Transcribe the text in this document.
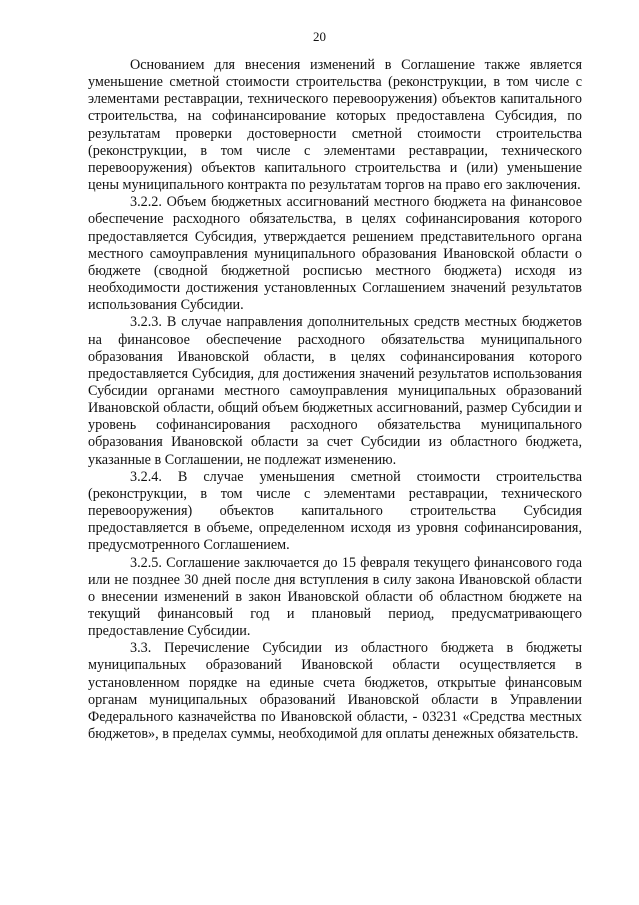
20

Основанием для внесения изменений в Соглашение также является уменьшение сметной стоимости строительства (реконструкции, в том числе с элементами реставрации, технического перевооружения) объектов капитального строительства, на софинансирование которых предоставлена Субсидия, по результатам проверки достоверности сметной стоимости строительства (реконструкции, в том числе с элементами реставрации, технического перевооружения) объектов капитального строительства и (или) уменьшение цены муниципального контракта по результатам торгов на право его заключения.

3.2.2. Объем бюджетных ассигнований местного бюджета на финансовое обеспечение расходного обязательства, в целях софинансирования которого предоставляется Субсидия, утверждается решением представительного органа местного самоуправления муниципального образования Ивановской области о бюджете (сводной бюджетной росписью местного бюджета) исходя из необходимости достижения установленных Соглашением значений результатов использования Субсидии.

3.2.3. В случае направления дополнительных средств местных бюджетов на финансовое обеспечение расходного обязательства муниципального образования Ивановской области, в целях софинансирования которого предоставляется Субсидия, для достижения значений результатов использования Субсидии органами местного самоуправления муниципальных образований Ивановской области, общий объем бюджетных ассигнований, размер Субсидии и уровень софинансирования расходного обязательства муниципального образования Ивановской области за счет Субсидии из областного бюджета, указанные в Соглашении, не подлежат изменению.

3.2.4. В случае уменьшения сметной стоимости строительства (реконструкции, в том числе с элементами реставрации, технического перевооружения) объектов капитального строительства Субсидия предоставляется в объеме, определенном исходя из уровня софинансирования, предусмотренного Соглашением.

3.2.5. Соглашение заключается до 15 февраля текущего финансового года или не позднее 30 дней после дня вступления в силу закона Ивановской области о внесении изменений в закон Ивановской области об областном бюджете на текущий финансовый год и плановый период, предусматривающего предоставление Субсидии.

3.3. Перечисление Субсидии из областного бюджета в бюджеты муниципальных образований Ивановской области осуществляется в установленном порядке на единые счета бюджетов, открытые финансовым органам муниципальных образований Ивановской области в Управлении Федерального казначейства по Ивановской области, - 03231 «Средства местных бюджетов», в пределах суммы, необходимой для оплаты денежных обязательств.
